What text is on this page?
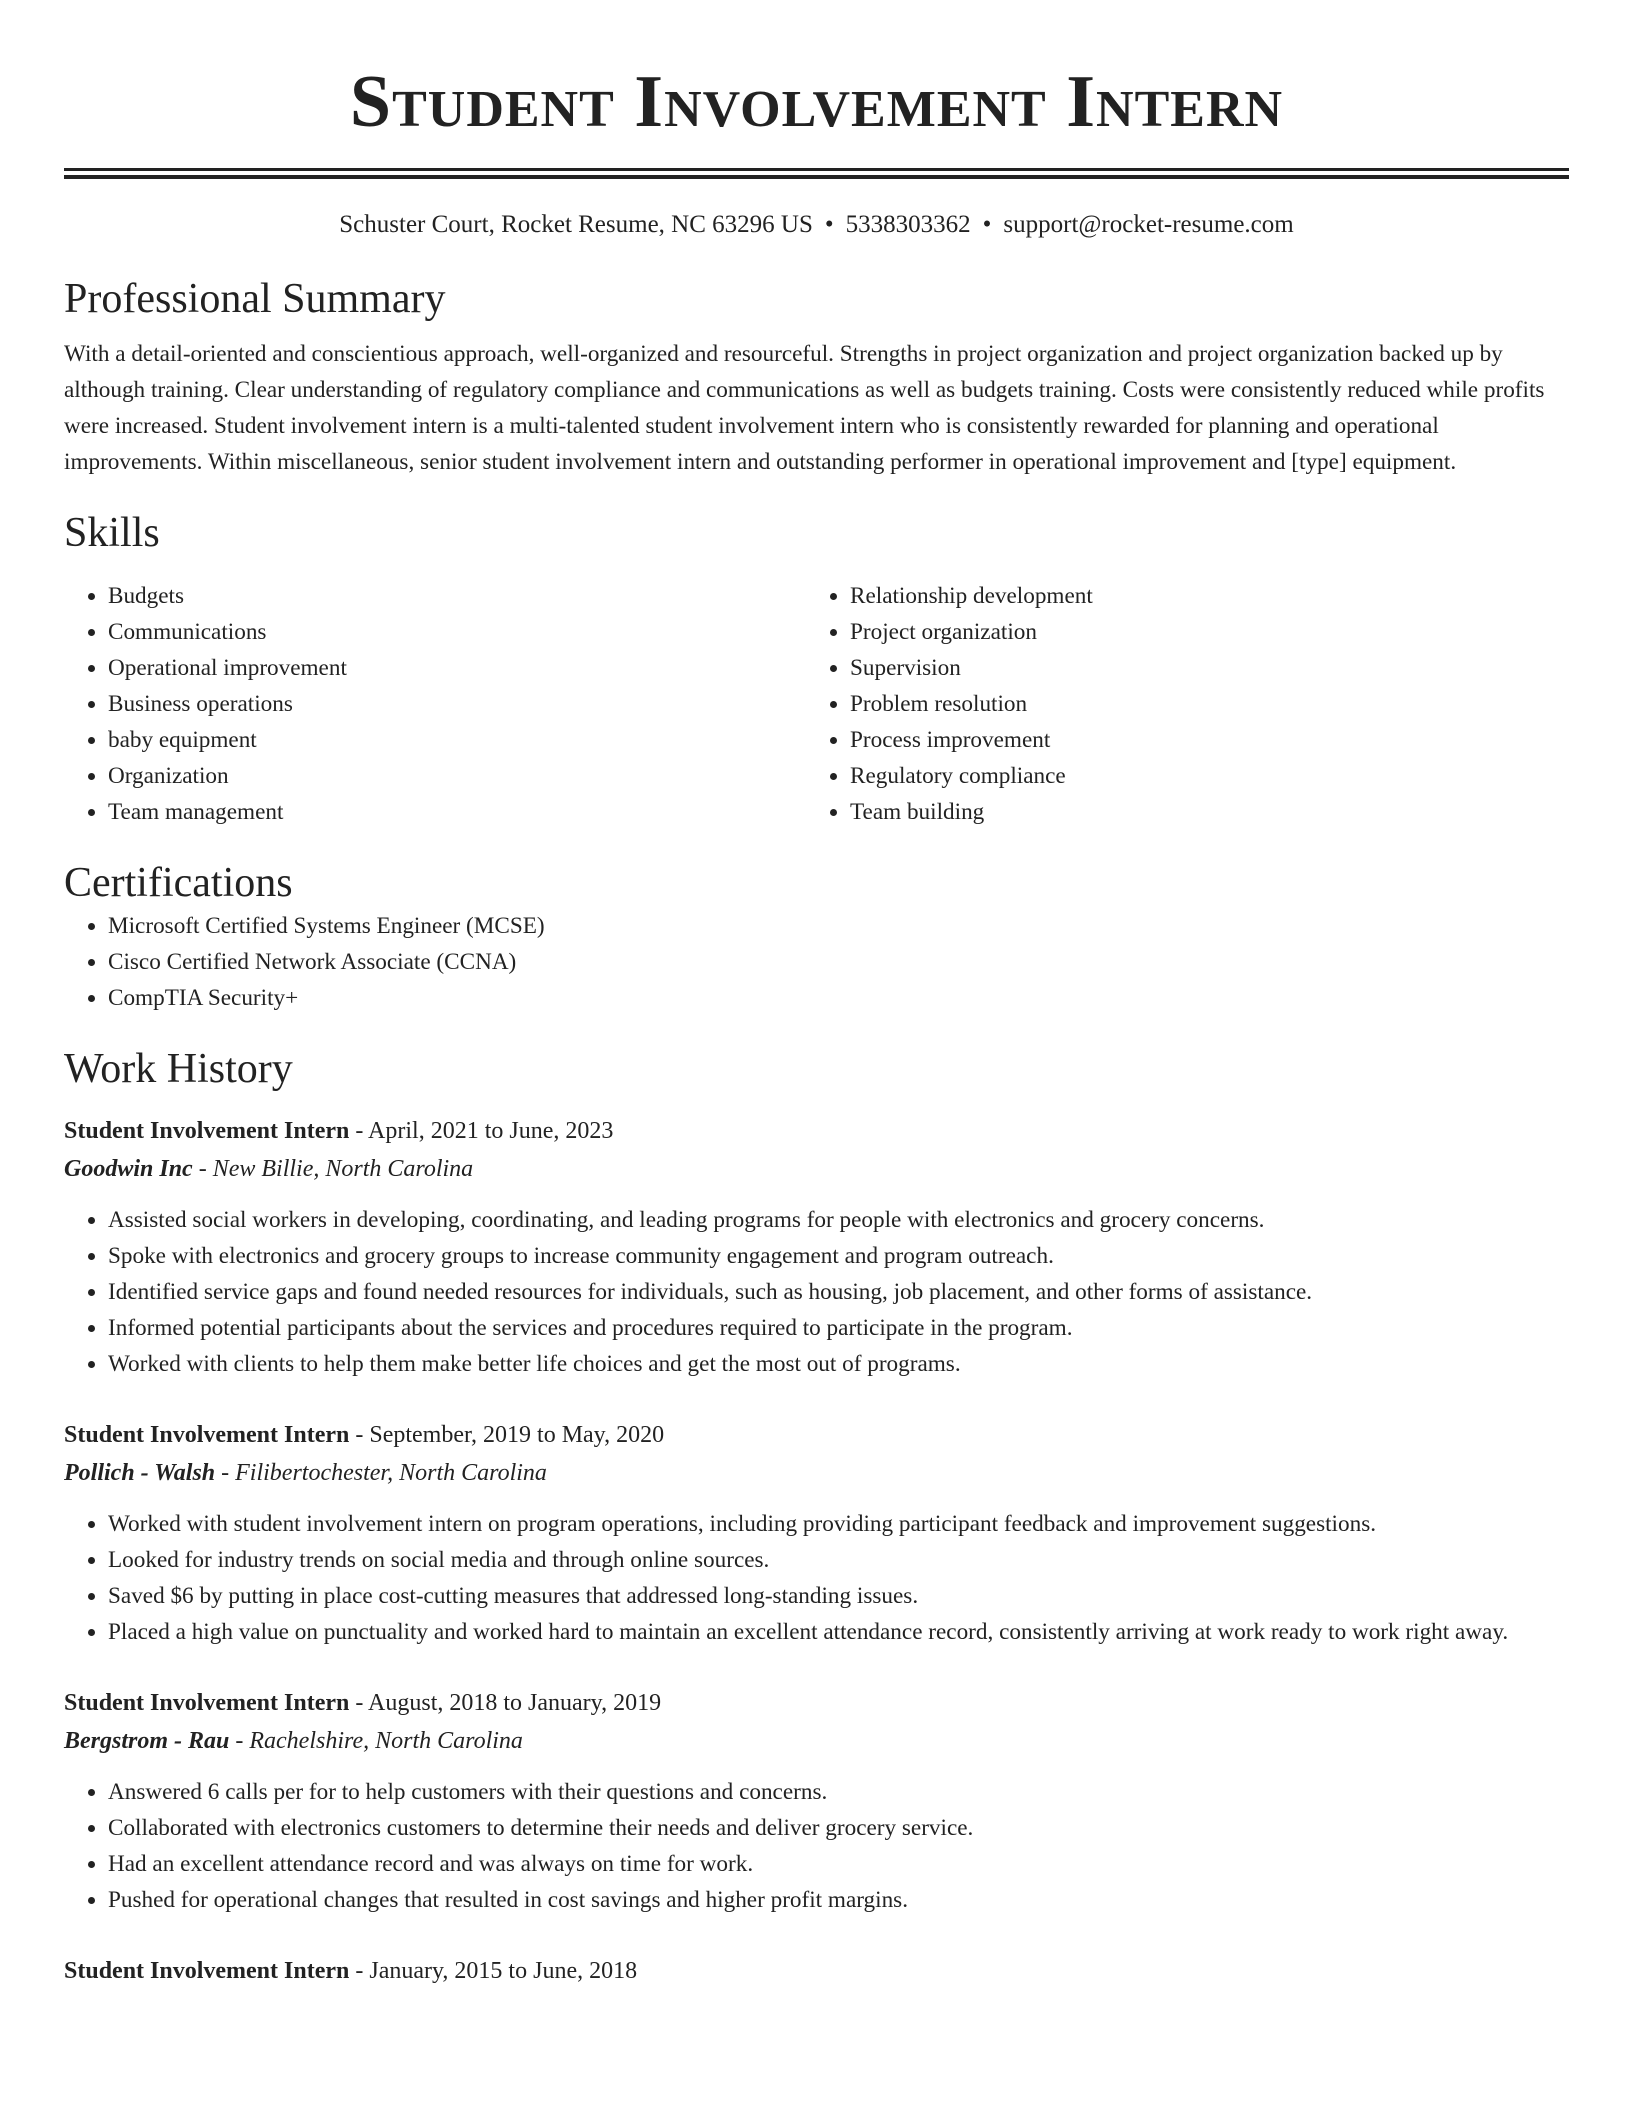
Student Involvement Intern
Schuster Court, Rocket Resume, NC 63296 US • 5338303362 • support@rocket-resume.com
Professional Summary

With a detail-oriented and conscientious approach, well-organized and resourceful. Strengths in project organization and project organization backed up by although training. Clear understanding of regulatory compliance and communications as well as budgets training. Costs were consistently reduced while profits were increased. Student involvement intern is a multi-talented student involvement intern who is consistently rewarded for planning and operational improvements. Within miscellaneous, senior student involvement intern and outstanding performer in operational improvement and [type] equipment.

Skills
• Budgets
• Communications
• Operational improvement
• Business operations
• baby equipment
• Organization
• Team management
• Relationship development
• Project organization
• Supervision
• Problem resolution
• Process improvement
• Regulatory compliance
• Team building
Certifications
• Microsoft Certified Systems Engineer (MCSE)
• Cisco Certified Network Associate (CCNA)
• CompTIA Security+
Work History
Student Involvement Intern - April, 2021 to June, 2023
Goodwin Inc - New Billie, North Carolina
• Assisted social workers in developing, coordinating, and leading programs for people with electronics and grocery concerns.
• Spoke with electronics and grocery groups to increase community engagement and program outreach.
• Identified service gaps and found needed resources for individuals, such as housing, job placement, and other forms of assistance.
• Informed potential participants about the services and procedures required to participate in the program.
• Worked with clients to help them make better life choices and get the most out of programs.
Student Involvement Intern - September, 2019 to May, 2020
Pollich - Walsh - Filibertochester, North Carolina
• Worked with student involvement intern on program operations, including providing participant feedback and improvement suggestions.
• Looked for industry trends on social media and through online sources.
• Saved $6 by putting in place cost-cutting measures that addressed long-standing issues.
• Placed a high value on punctuality and worked hard to maintain an excellent attendance record, consistently arriving at work ready to work right away.
Student Involvement Intern - August, 2018 to January, 2019
Bergstrom - Rau - Rachelshire, North Carolina
• Answered 6 calls per for to help customers with their questions and concerns.
• Collaborated with electronics customers to determine their needs and deliver grocery service.
• Had an excellent attendance record and was always on time for work.
• Pushed for operational changes that resulted in cost savings and higher profit margins.
Student Involvement Intern - January, 2015 to June, 2018
